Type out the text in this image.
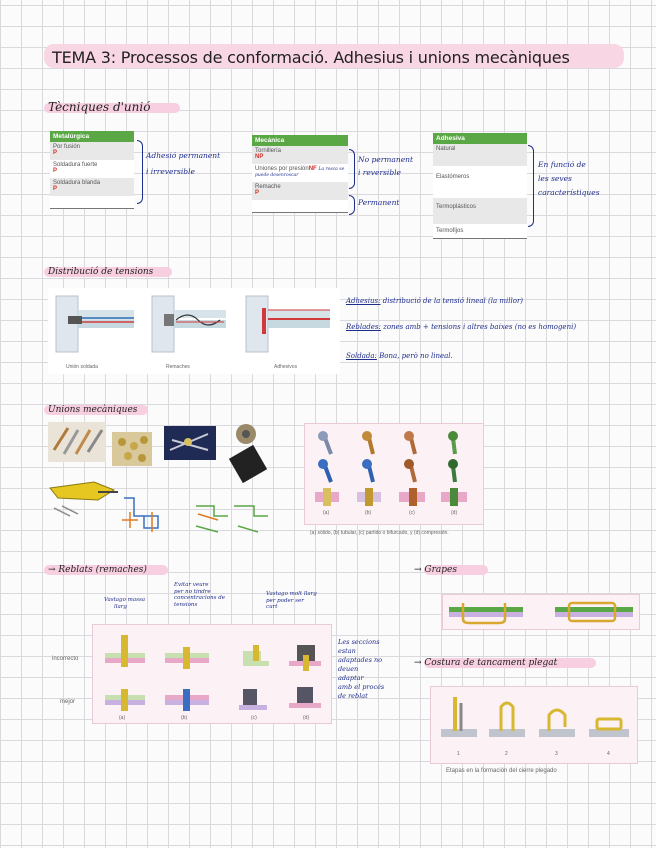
TEMA 3: Processos de conformació. Adhesius i unions mecàniques
Tècniques d'unió
Metalúrgica
Por fusión
P
Soldadura fuerte
P
Soldadura blanda
P
Adhesió permanent
i irreversible
Mecánica
Tornillería
NP
Uniones por presiónNF La rosca se puede desenroscar
Remache
P
No permanent
i reversible
Permanent
Adhesiva
Natural
Elastómeros
Termoplásticos
Termofijos
En funció de
les seves
característiques
Distribució de tensions
Unión soldada	Remaches	Adhesivos
Adhesius: distribució de la tensió lineal (la millor)
Reblades: zones amb + tensions i altres baixes (no es homogeni)
Soldada: Bona, però no lineal.
Unions mecàniques
(a)	(b)	(c)	(d)
(a) sólido, (b) tubular, (c) partido o bifurcado, y (d) compresión.
→ Reblats (remaches)
Vastago massa
llarg
Evitar veure
per no tindre
concentracions de
tensions
Vastago molt llarg
per poder ser
curt
Les seccions
estan
adaptades no
deuen
adaptar
amb el procés
de reblat
(a)	(b)	(c)	(d)
incorrecto
mejor
→ Grapes
→ Costura de tancament plegat
1	2	3	4
Etapas en la formación del cierre plegado
